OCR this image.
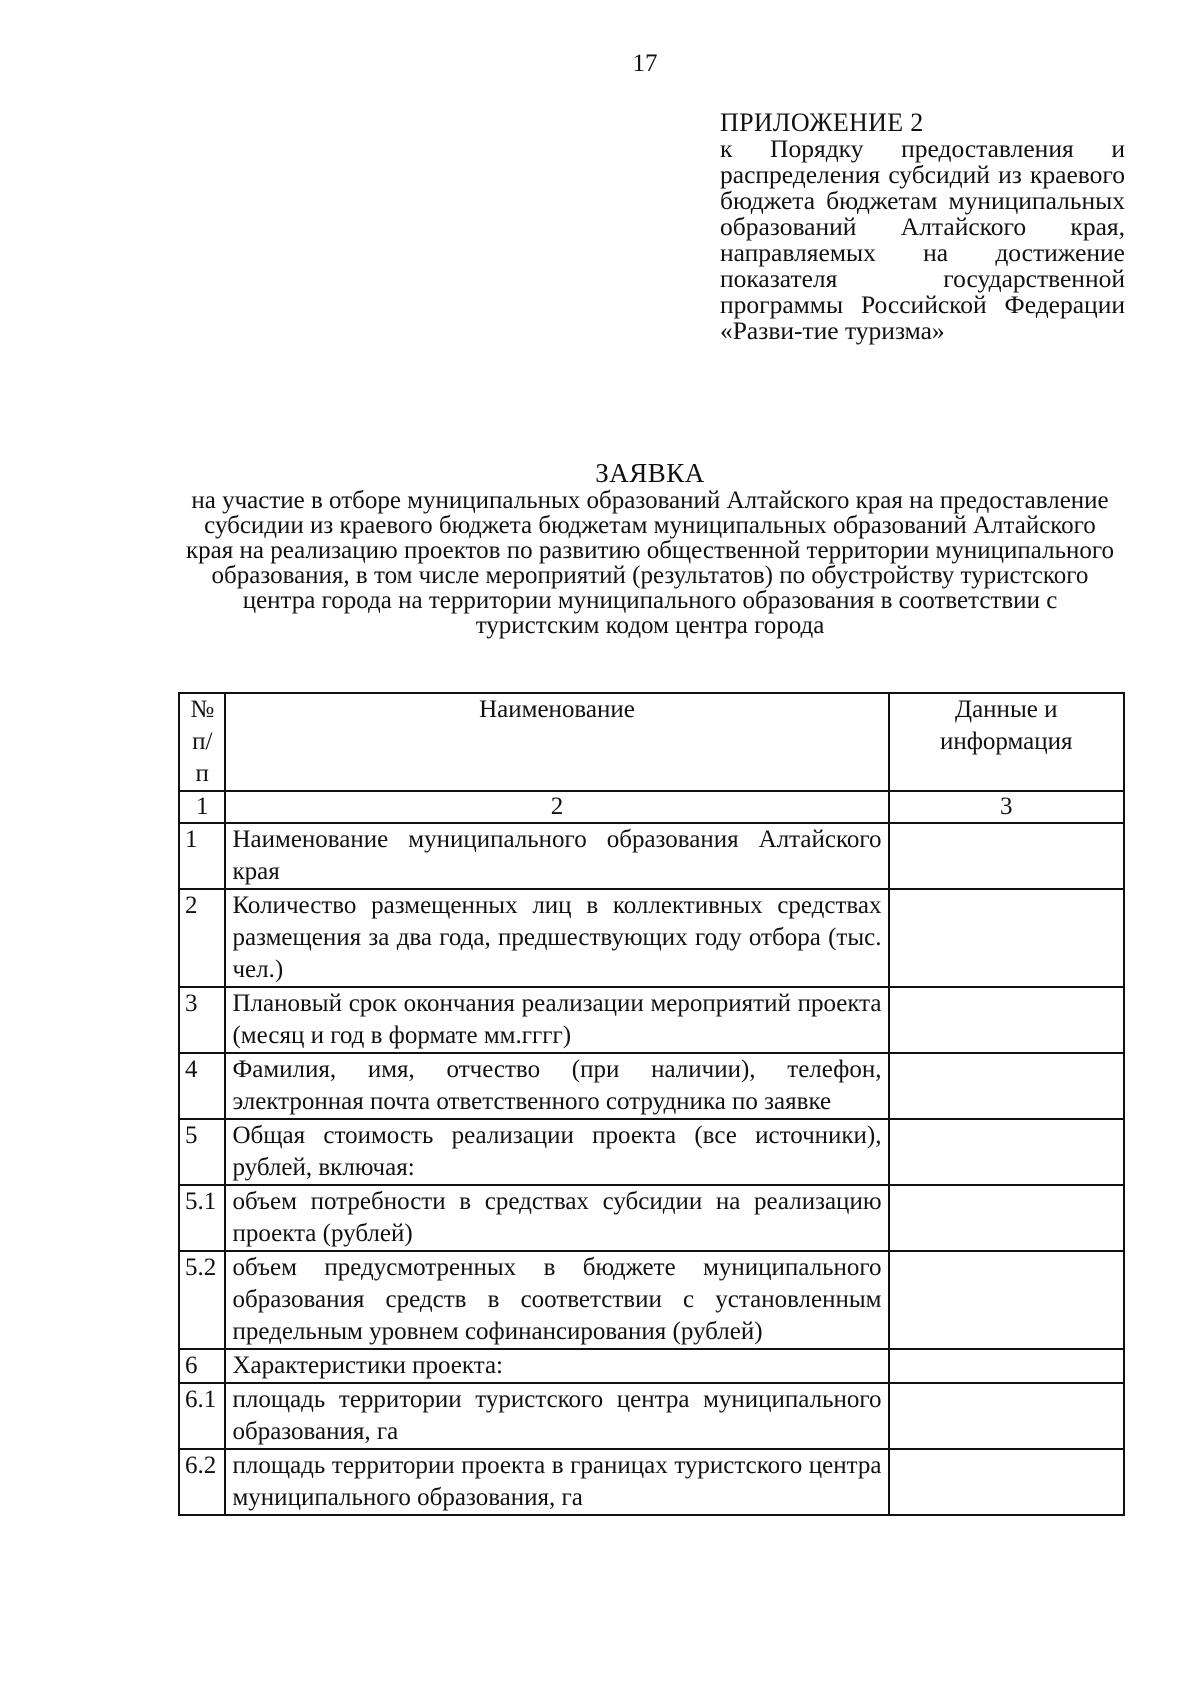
17
ПРИЛОЖЕНИЕ 2
к Порядку предоставления и распределения субсидий из краевого бюджета бюджетам муниципальных образований Алтайского края, направляемых на достижение показателя государственной программы Российской Федерации «Разви-тие туризма»
ЗАЯВКА
на участие в отборе муниципальных образований Алтайского края на предоставление субсидии из краевого бюджета бюджетам муниципальных образований Алтайского края на реализацию проектов по развитию общественной территории муниципального образования, в том числе мероприятий (результатов) по обустройству туристского центра города на территории муниципального образования в соответствии с туристским кодом центра города
№ п/п	Наименование	Данные и информация
1	2	3
1	Наименование муниципального образования Алтайского края	
2	Количество размещенных лиц в коллективных средствах размещения за два года, предшествующих году отбора (тыс. чел.)	
3	Плановый срок окончания реализации мероприятий проекта (месяц и год в формате мм.гггг)	
4	Фамилия, имя, отчество (при наличии), телефон, электронная почта ответственного сотрудника по заявке	
5	Общая стоимость реализации проекта (все источники), рублей, включая:	
5.1	объем потребности в средствах субсидии на реализацию проекта (рублей)	
5.2	объем предусмотренных в бюджете муниципального образования средств в соответствии с установленным предельным уровнем софинансирования (рублей)	
6	Характеристики проекта:	
6.1	площадь территории туристского центра муниципального образования, га	
6.2	площадь территории проекта в границах туристского центра муниципального образования, га	
